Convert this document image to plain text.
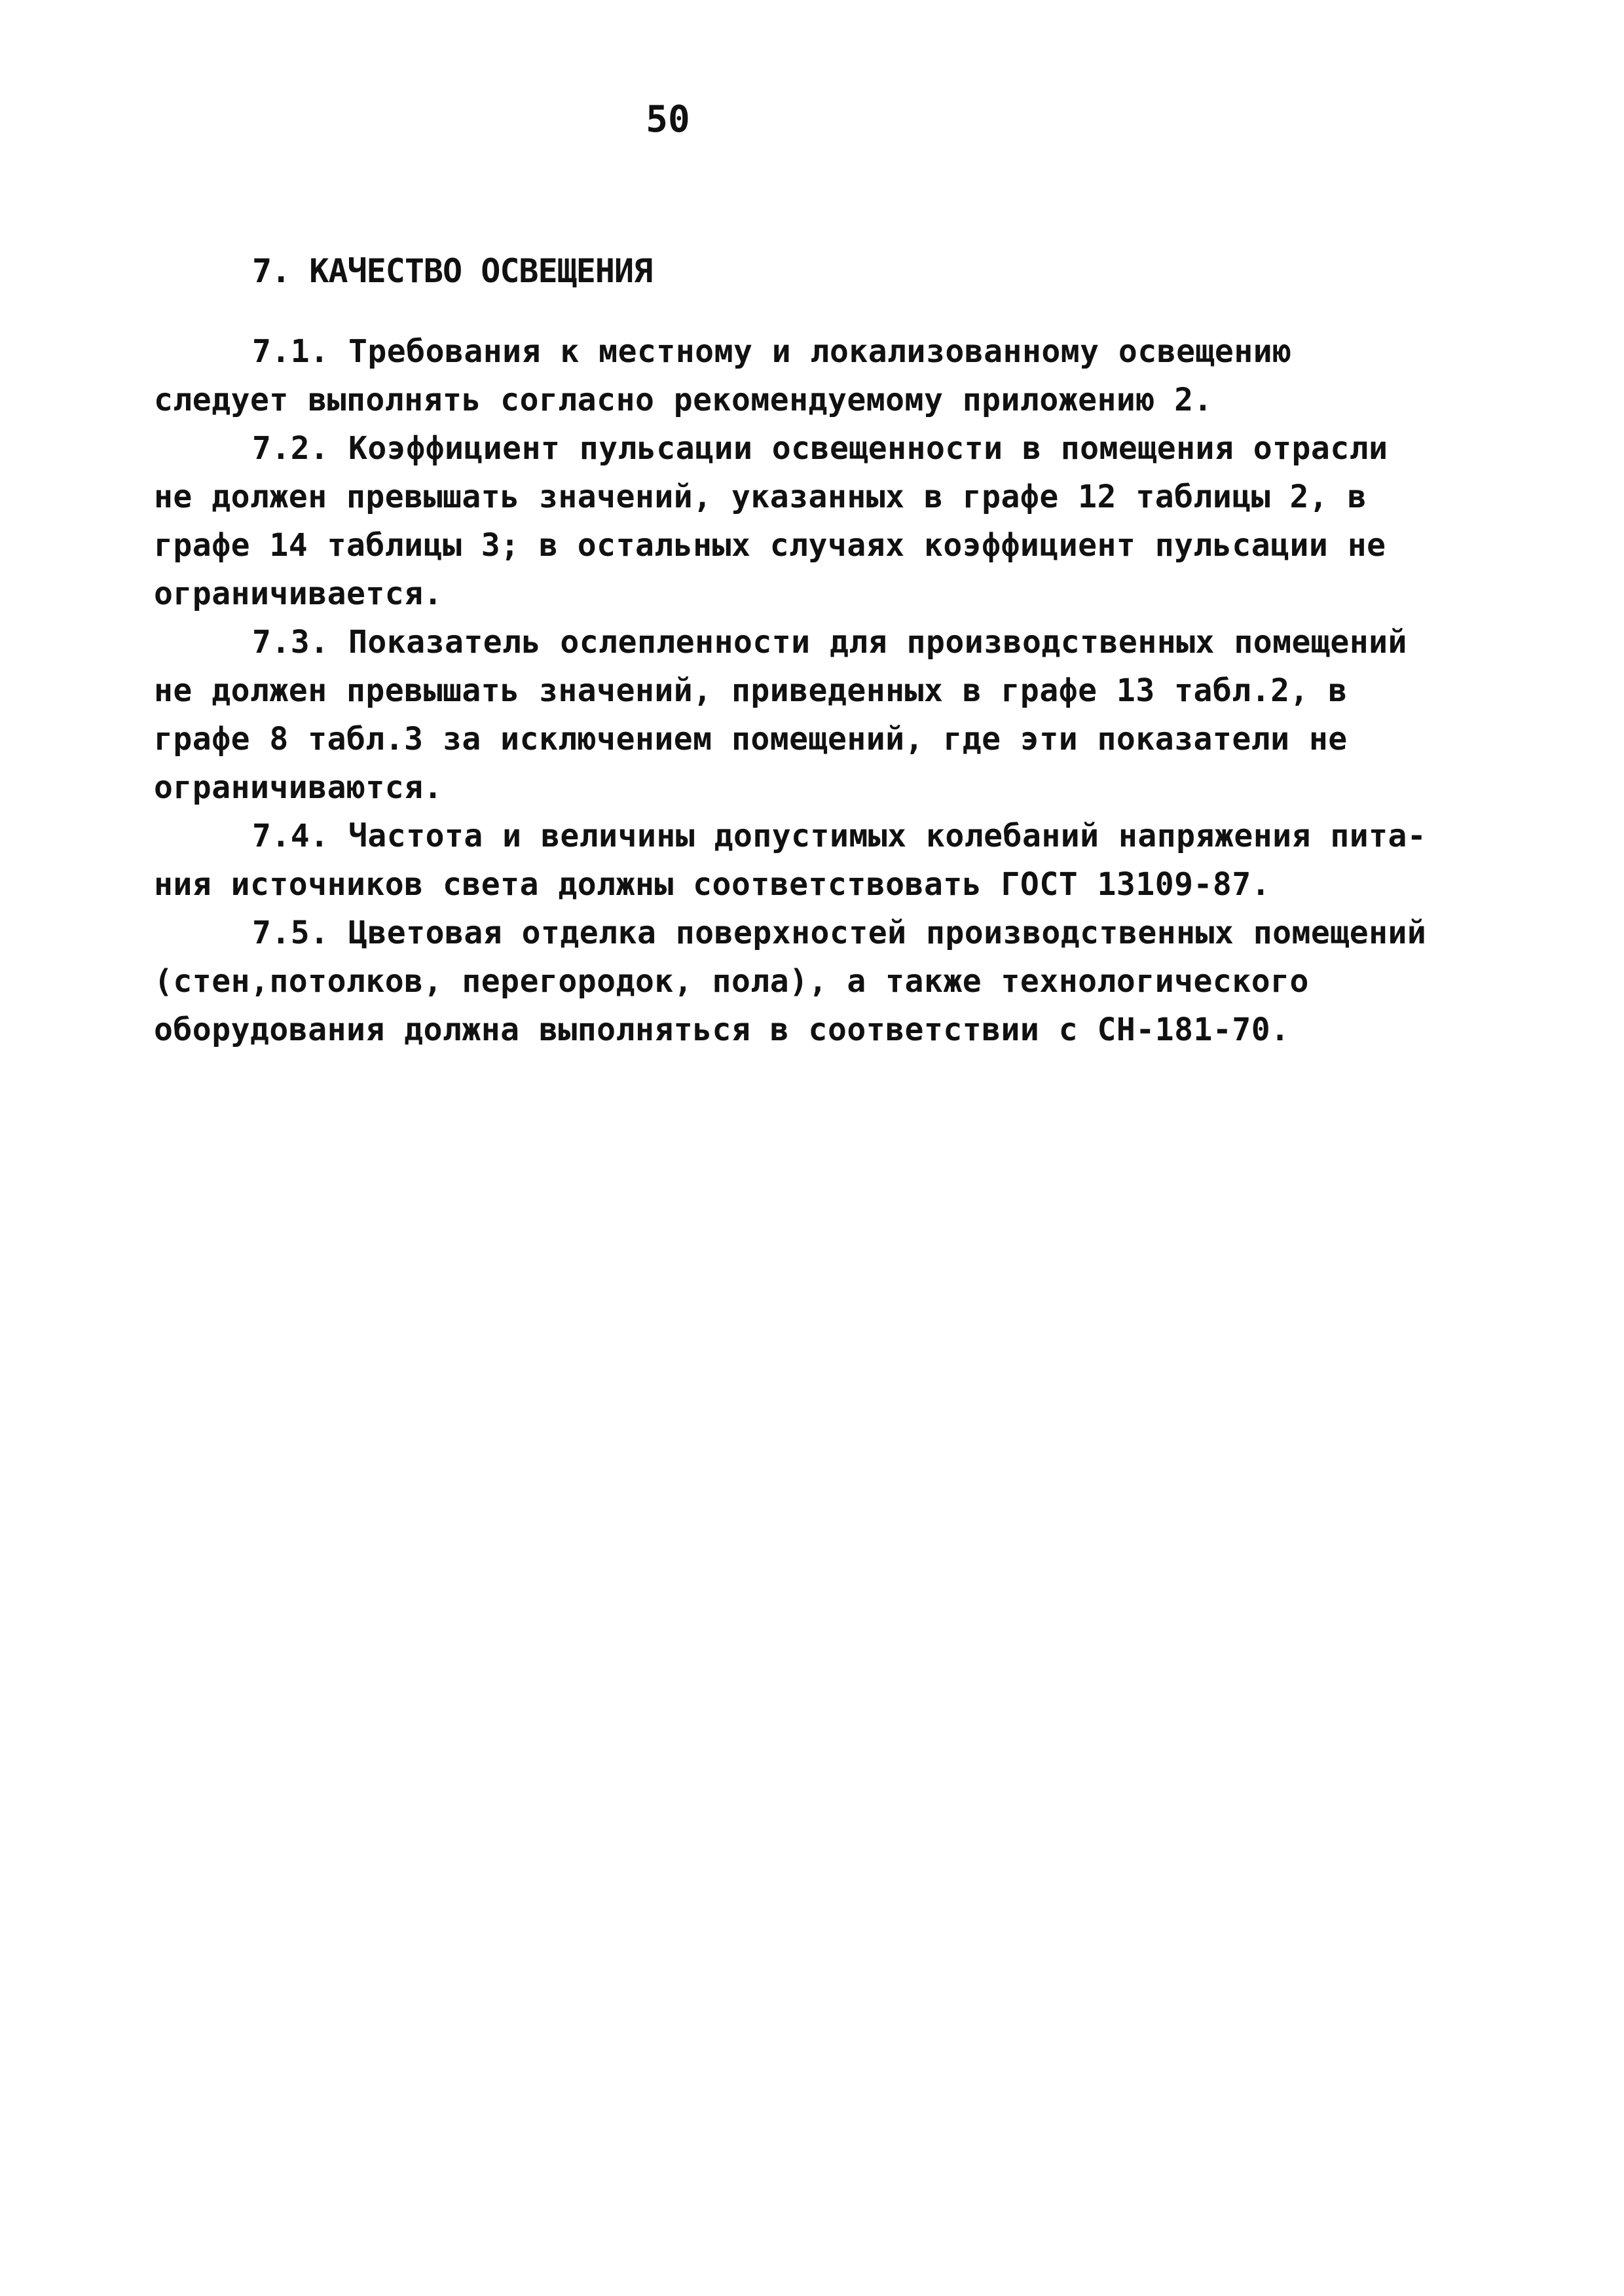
50
7. КАЧЕСТВО ОСВЕЩЕНИЯ
7.1. Требования к местному и локализованному освещению
следует выполнять согласно рекомендуемому приложению 2.
7.2. Коэффициент пульсации освещенности в помещения отрасли
не должен превышать значений, указанных в графе 12 таблицы 2, в
графе 14 таблицы 3; в остальных случаях коэффициент пульсации не
ограничивается.
7.3. Показатель ослепленности для производственных помещений
не должен превышать значений, приведенных в графе 13 табл.2, в
графе 8 табл.3 за исключением помещений, где эти показатели не
ограничиваются.
7.4. Частота и величины допустимых колебаний напряжения пита-
ния источников света должны соответствовать ГОСТ 13109-87.
7.5. Цветовая отделка поверхностей производственных помещений
(стен,потолков, перегородок, пола), а также технологического
оборудования должна выполняться в соответствии с СН-181-70.
